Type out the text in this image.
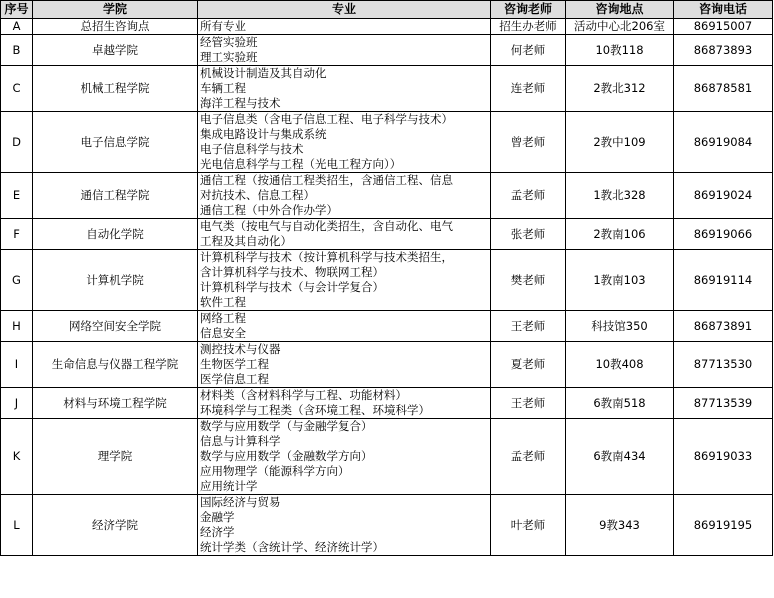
序号	学院	专业	咨询老师	咨询地点	咨询电话
A	总招生咨询点	所有专业	招生办老师	活动中心北206室	86915007
B	卓越学院	经管实验班
理工实验班	何老师	10教118	86873893
C	机械工程学院	机械设计制造及其自动化
车辆工程
海洋工程与技术	连老师	2教北312	86878581
D	电子信息学院	电子信息类（含电子信息工程、电子科学与技术）
集成电路设计与集成系统
电子信息科学与技术
光电信息科学与工程（光电工程方向））	曾老师	2教中109	86919084
E	通信工程学院	通信工程（按通信工程类招生，含通信工程、信息
对抗技术、信息工程）
通信工程（中外合作办学）	孟老师	1教北328	86919024
F	自动化学院	电气类（按电气与自动化类招生，含自动化、电气
工程及其自动化）	张老师	2教南106	86919066
G	计算机学院	计算机科学与技术（按计算机科学与技术类招生，
含计算机科学与技术、物联网工程）
计算机科学与技术（与会计学复合）
软件工程	樊老师	1教南103	86919114
H	网络空间安全学院	网络工程
信息安全	王老师	科技馆350	86873891
I	生命信息与仪器工程学院	测控技术与仪器
生物医学工程
医学信息工程	夏老师	10教408	87713530
J	材料与环境工程学院	材料类（含材料科学与工程、功能材料）
环境科学与工程类（含环境工程、环境科学）	王老师	6教南518	87713539
K	理学院	数学与应用数学（与金融学复合）
信息与计算科学
数学与应用数学（金融数学方向）
应用物理学（能源科学方向）
应用统计学	孟老师	6教南434	86919033
L	经济学院	国际经济与贸易
金融学
经济学
统计学类（含统计学、经济统计学）	叶老师	9教343	86919195
